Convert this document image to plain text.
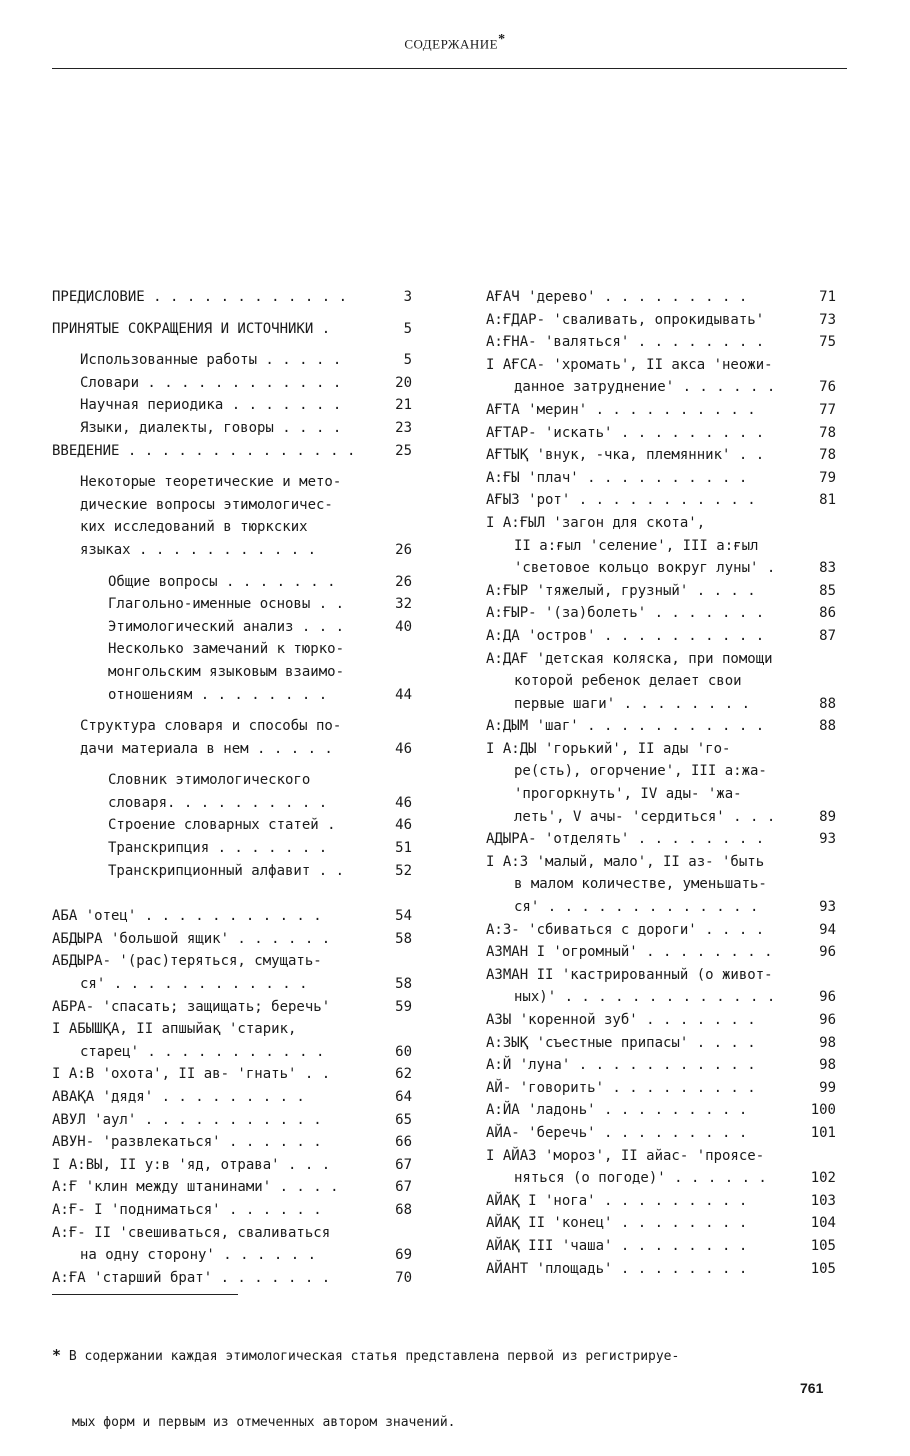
СОДЕРЖАНИЕ*
ПРЕДИСЛОВИЕ . . . . . . . . . . . .	3
ПРИНЯТЫЕ СОКРАЩЕНИЯ И ИСТОЧНИКИ .	5
Использованные работы . . . . .	5
Словари . . . . . . . . . . . .	20
Научная периодика . . . . . . .	21
Языки, диалекты, говоры . . . .	23
ВВЕДЕНИЕ . . . . . . . . . . . . . .	25
Некоторые теоретические и мето-
дические вопросы этимологичес-
ких исследований в тюркских
языках . . . . . . . . . . .	26
Общие вопросы . . . . . . .	26
Глагольно-именные основы . .	32
Этимологический анализ . . .	40
Несколько замечаний к тюрко-
монгольским языковым взаимо-
отношениям . . . . . . . .	44
Структура словаря и способы по-
дачи материала в нем . . . . .	46
Словник этимологического
словаря. . . . . . . . . .	46
Строение словарных статей .	46
Транскрипция . . . . . . .	51
Транскрипционный алфавит . .	52
АБА 'отец' . . . . . . . . . . .	54
АБДЫРА 'большой ящик' . . . . . .	58
АБДЫРА- '(рас)теряться, смущать-
ся' . . . . . . . . . . . .	58
АБРА- 'спасать; защищать; беречь'	59
I АБЫШҚА, II апшыйақ 'старик,
старец' . . . . . . . . . . .	60
I А:В 'охота', II ав- 'гнать' . .	62
АВАҚА 'дядя' . . . . . . . . .	64
АВУЛ 'аул' . . . . . . . . . . .	65
АВУН- 'развлекаться' . . . . . .	66
I А:ВЫ, II у:в 'яд, отрава' . . .	67
А:Ғ 'клин между штанинами' . . . .	67
А:Ғ- I 'подниматься' . . . . . .	68
А:Ғ- II 'свешиваться, сваливаться
на одну сторону' . . . . . .	69
А:ҒА 'старший брат' . . . . . . .	70
АҒАЧ 'дерево' . . . . . . . . .	71
А:ҒДАР- 'сваливать, опрокидывать'	73
А:ҒНА- 'валяться' . . . . . . . .	75
I АҒСА- 'хромать', II акса 'неожи-
данное затруднение' . . . . . .	76
АҒТА 'мерин' . . . . . . . . . .	77
АҒТАР- 'искать' . . . . . . . . .	78
АҒТЫҚ 'внук, -чка, племянник' . .	78
А:ҒЫ 'плач' . . . . . . . . . .	79
АҒЫЗ 'рот' . . . . . . . . . . .	81
I А:ҒЫЛ 'загон для скота',
II а:ғыл 'селение', III а:ғыл
'световое кольцо вокруг луны' .	83
А:ҒЫР 'тяжелый, грузный' . . . .	85
А:ҒЫР- '(за)болеть' . . . . . . .	86
А:ДА 'остров' . . . . . . . . . .	87
А:ДАҒ 'детская коляска, при помощи
которой ребенок делает свои
первые шаги' . . . . . . . .	88
А:ДЫМ 'шаг' . . . . . . . . . . .	88
I А:ДЫ 'горький', II ады 'го-
ре(сть), огорчение', III а:жа-
'прогоркнуть', IV ады- 'жа-
леть', V ачы- 'сердиться' . . .	89
АДЫРА- 'отделять' . . . . . . . .	93
I А:З 'малый, мало', II аз- 'быть
в малом количестве, уменьшать-
ся' . . . . . . . . . . . . .	93
А:З- 'сбиваться с дороги' . . . .	94
АЗМАН I 'огромный' . . . . . . . .	96
АЗМАН II 'кастрированный (о живот-
ных)' . . . . . . . . . . . . .	96
АЗЫ 'коренной зуб' . . . . . . .	96
А:ЗЫҚ 'съестные припасы' . . . .	98
А:Й 'луна' . . . . . . . . . . .	98
АЙ- 'говорить' . . . . . . . . .	99
А:ЙА 'ладонь' . . . . . . . . .	100
АЙА- 'беречь' . . . . . . . . .	101
I АЙАЗ 'мороз', II айас- 'проясе-
няться (о погоде)' . . . . . .	102
АЙАҚ I 'нога' . . . . . . . . .	103
АЙАҚ II 'конец' . . . . . . . .	104
АЙАҚ III 'чаша' . . . . . . . .	105
АЙАНТ 'площадь' . . . . . . . .	105

* В содержании каждая этимологическая статья представлена первой из регистрируе-

мых форм и первым из отмеченных автором значений.

761
